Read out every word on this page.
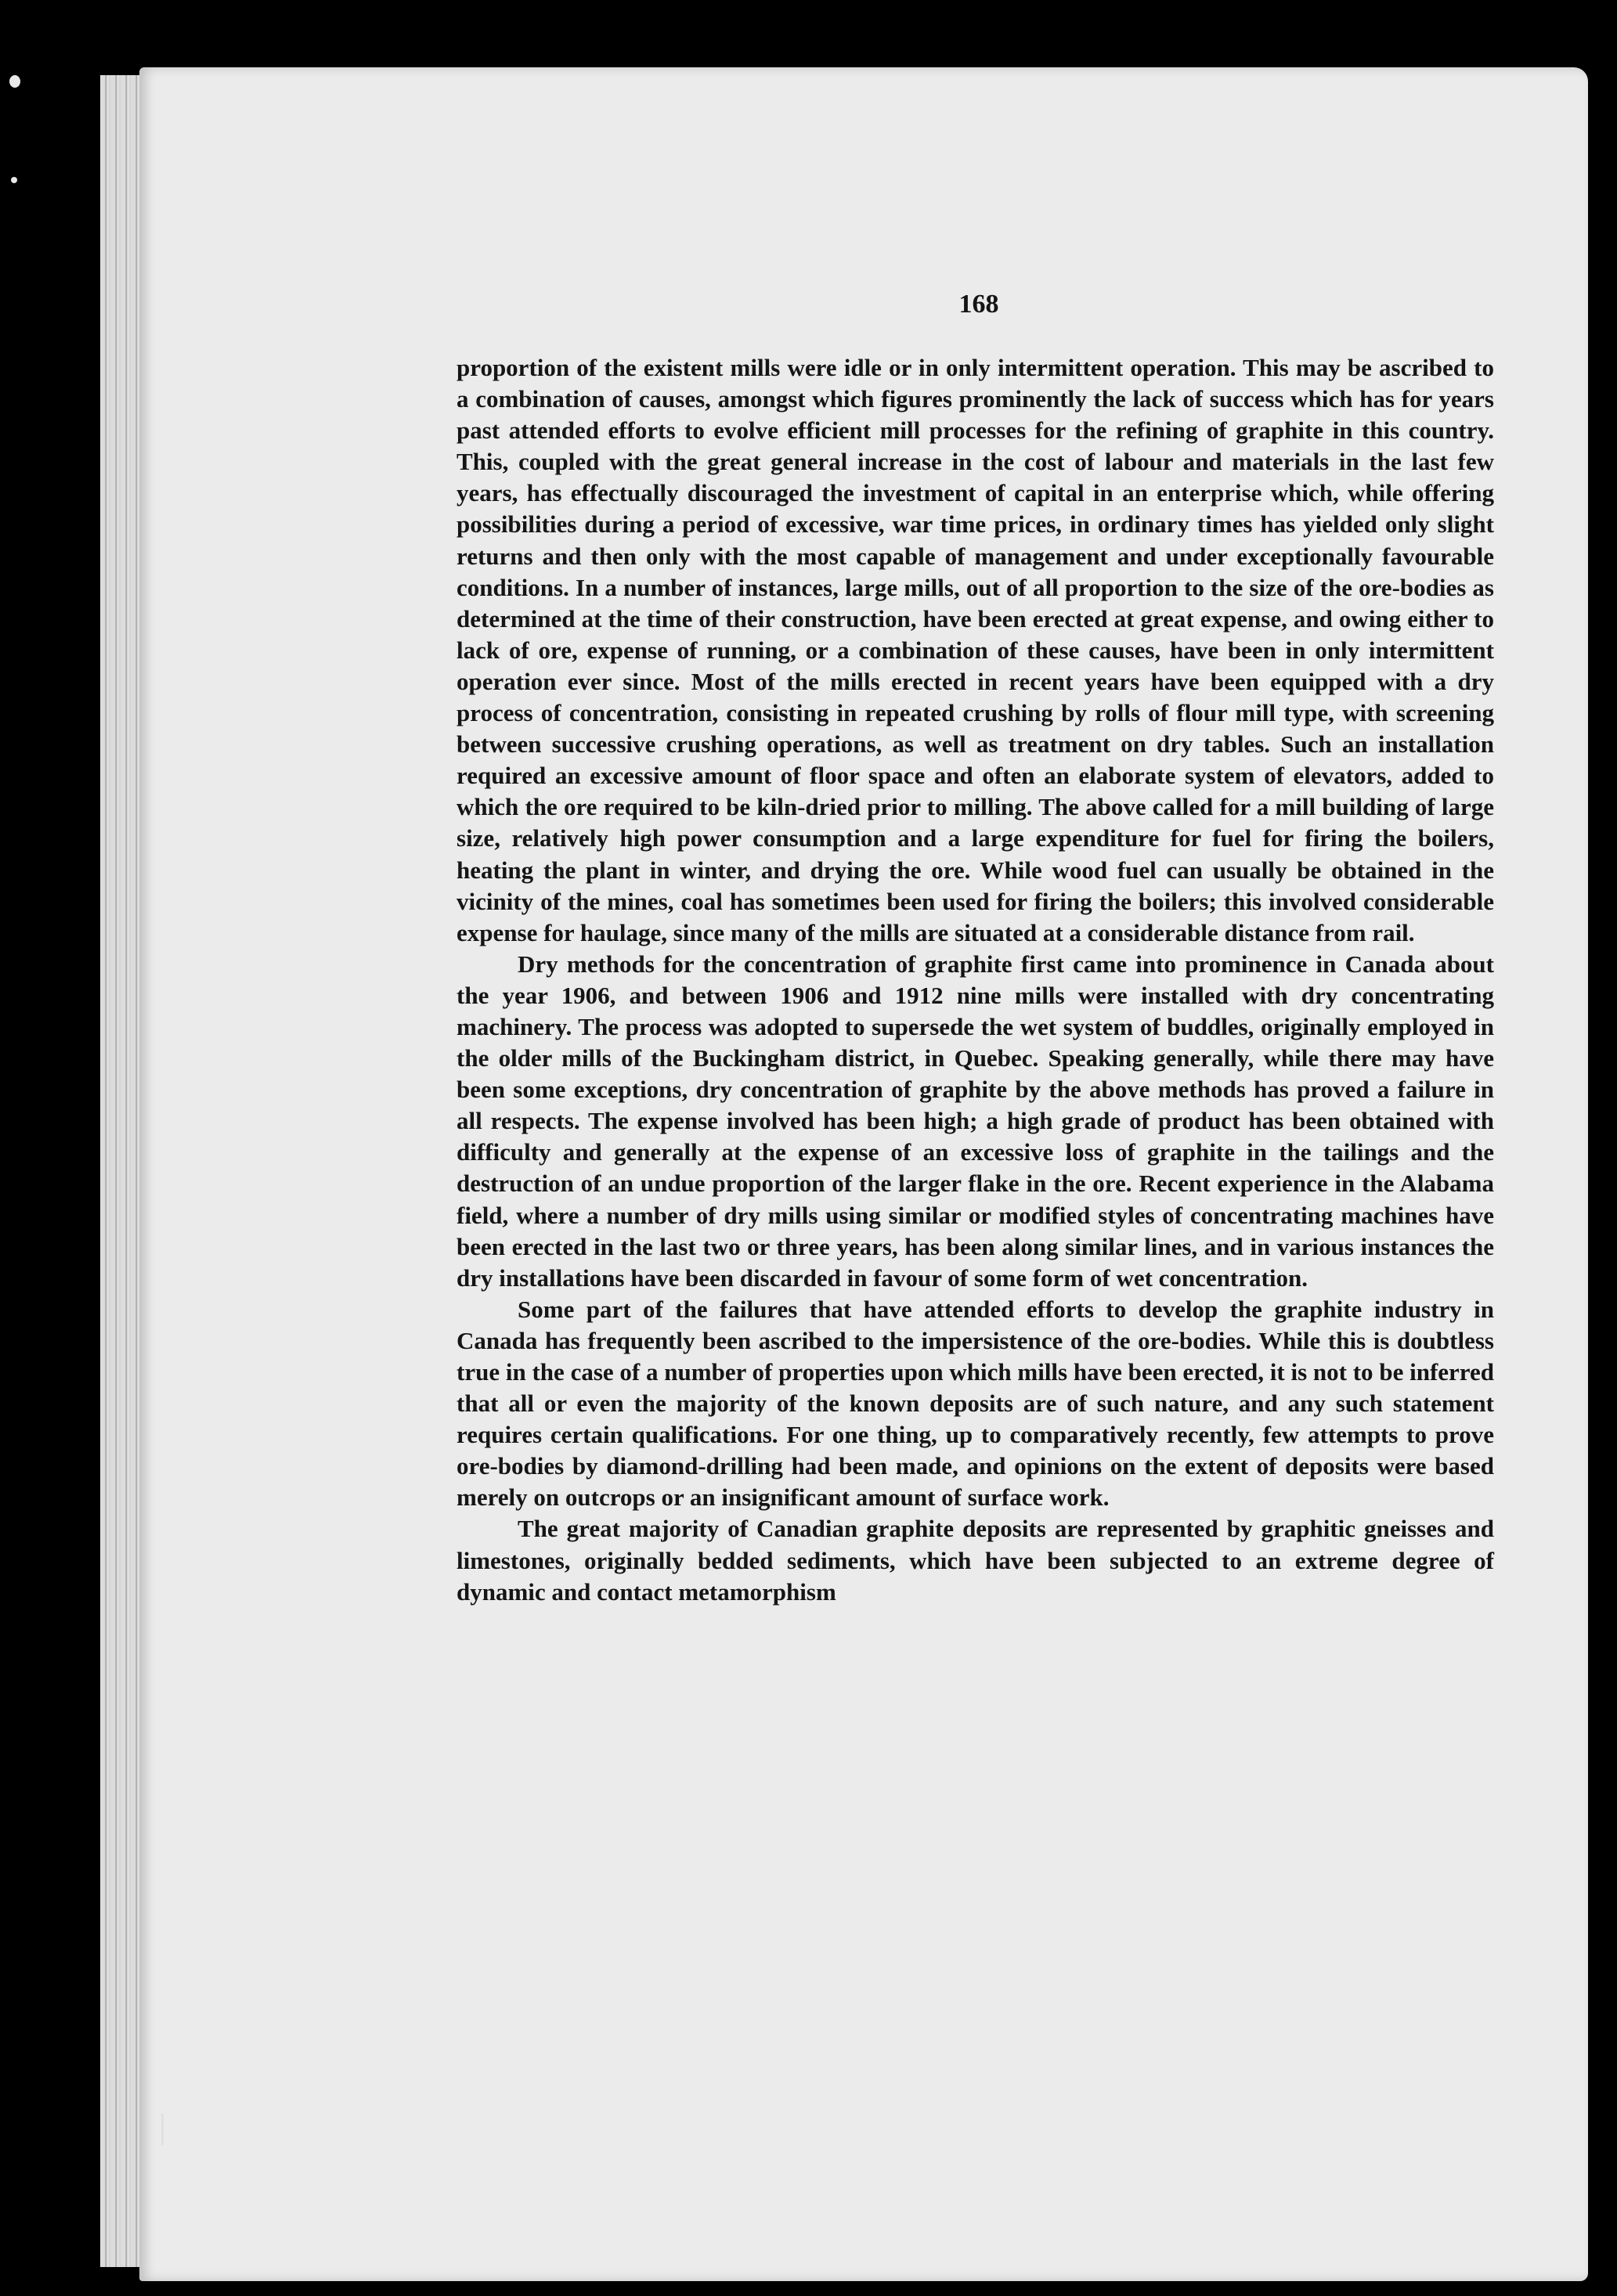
168

proportion of the existent mills were idle or in only intermittent operation. This may be ascribed to a combination of causes, amongst which figures prominently the lack of success which has for years past attended efforts to evolve efficient mill processes for the refining of graphite in this country. This, coupled with the great general increase in the cost of labour and materials in the last few years, has effectually discouraged the investment of capital in an enterprise which, while offering possibilities during a period of excessive, war time prices, in ordinary times has yielded only slight returns and then only with the most capable of management and under exceptionally favourable conditions. In a number of instances, large mills, out of all proportion to the size of the ore-bodies as determined at the time of their construction, have been erected at great expense, and owing either to lack of ore, expense of running, or a combination of these causes, have been in only intermittent operation ever since. Most of the mills erected in recent years have been equipped with a dry process of concentration, consisting in repeated crushing by rolls of flour mill type, with screening between successive crushing operations, as well as treatment on dry tables. Such an installation required an excessive amount of floor space and often an elaborate system of elevators, added to which the ore required to be kiln-dried prior to milling. The above called for a mill building of large size, relatively high power consumption and a large expenditure for fuel for firing the boilers, heating the plant in winter, and drying the ore. While wood fuel can usually be obtained in the vicinity of the mines, coal has sometimes been used for firing the boilers; this involved considerable expense for haulage, since many of the mills are situated at a considerable distance from rail.

Dry methods for the concentration of graphite first came into prominence in Canada about the year 1906, and between 1906 and 1912 nine mills were installed with dry concentrating machinery. The process was adopted to supersede the wet system of buddles, originally employed in the older mills of the Buckingham district, in Quebec. Speaking generally, while there may have been some exceptions, dry concentration of graphite by the above methods has proved a failure in all respects. The expense involved has been high; a high grade of product has been obtained with difficulty and generally at the expense of an excessive loss of graphite in the tailings and the destruction of an undue proportion of the larger flake in the ore. Recent experience in the Alabama field, where a number of dry mills using similar or modified styles of concentrating machines have been erected in the last two or three years, has been along similar lines, and in various instances the dry installations have been discarded in favour of some form of wet concentration.

Some part of the failures that have attended efforts to develop the graphite industry in Canada has frequently been ascribed to the impersistence of the ore-bodies. While this is doubtless true in the case of a number of properties upon which mills have been erected, it is not to be inferred that all or even the majority of the known deposits are of such nature, and any such statement requires certain qualifications. For one thing, up to comparatively recently, few attempts to prove ore-bodies by diamond-drilling had been made, and opinions on the extent of deposits were based merely on outcrops or an insignificant amount of surface work.

The great majority of Canadian graphite deposits are represented by graphitic gneisses and limestones, originally bedded sediments, which have been subjected to an extreme degree of dynamic and contact metamorphism
